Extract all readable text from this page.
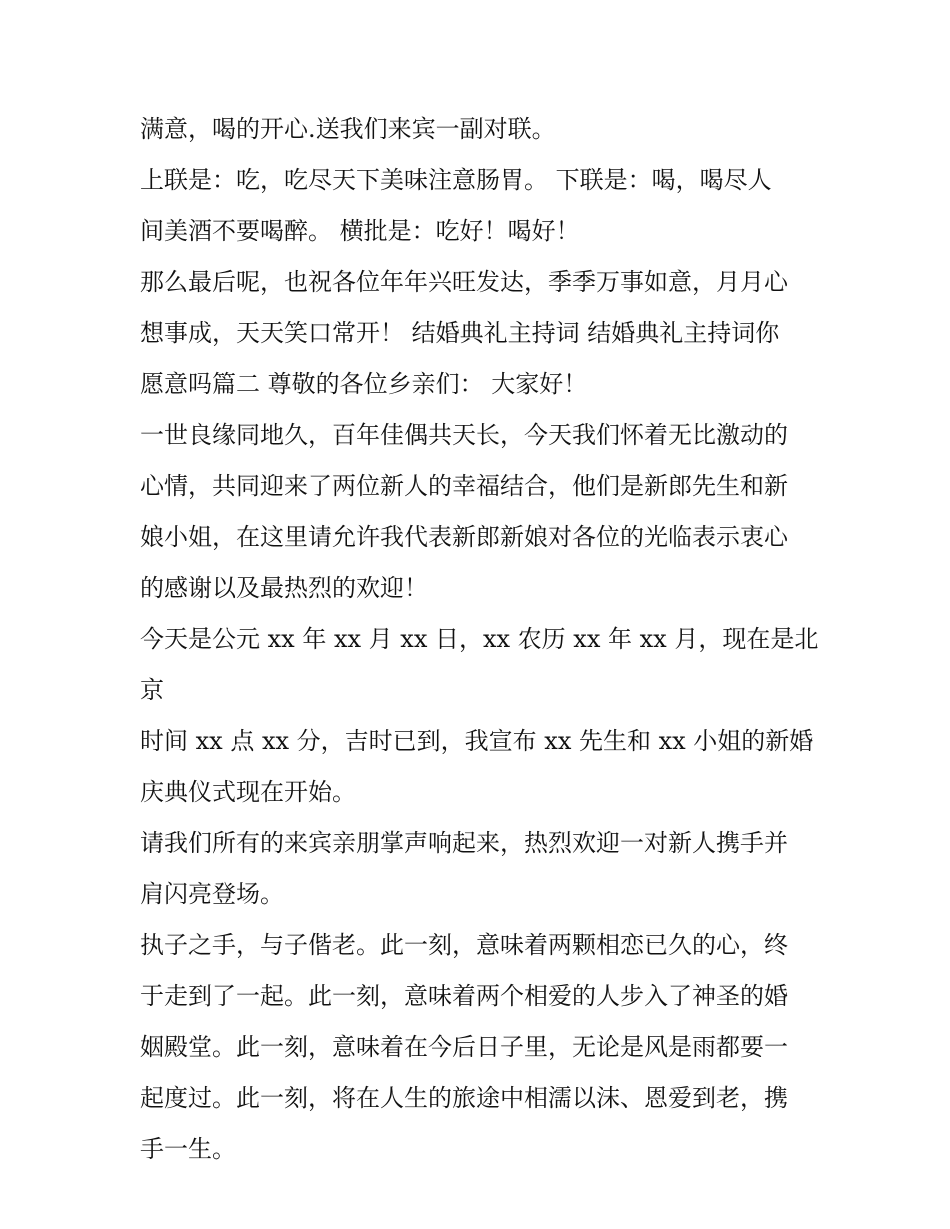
满意，喝的开心.送我们来宾一副对联。

上联是：吃，吃尽天下美味注意肠胃。 下联是：喝，喝尽人
间美酒不要喝醉。 横批是：吃好！喝好！

那么最后呢，也祝各位年年兴旺发达，季季万事如意，月月心
想事成，天天笑口常开！ 结婚典礼主持词 结婚典礼主持词你
愿意吗篇二 尊敬的各位乡亲们： 大家好！

一世良缘同地久，百年佳偶共天长，今天我们怀着无比激动的
心情，共同迎来了两位新人的幸福结合，他们是新郎先生和新
娘小姐，在这里请允许我代表新郎新娘对各位的光临表示衷心
的感谢以及最热烈的欢迎！

今天是公元 xx 年 xx 月 xx 日，xx 农历 xx 年 xx 月，现在是北京
时间 xx 点 xx 分，吉时已到，我宣布 xx 先生和 xx 小姐的新婚
庆典仪式现在开始。

请我们所有的来宾亲朋掌声响起来，热烈欢迎一对新人携手并
肩闪亮登场。

执子之手，与子偕老。此一刻，意味着两颗相恋已久的心，终
于走到了一起。此一刻，意味着两个相爱的人步入了神圣的婚
姻殿堂。此一刻，意味着在今后日子里，无论是风是雨都要一
起度过。此一刻，将在人生的旅途中相濡以沫、恩爱到老，携
手一生。
